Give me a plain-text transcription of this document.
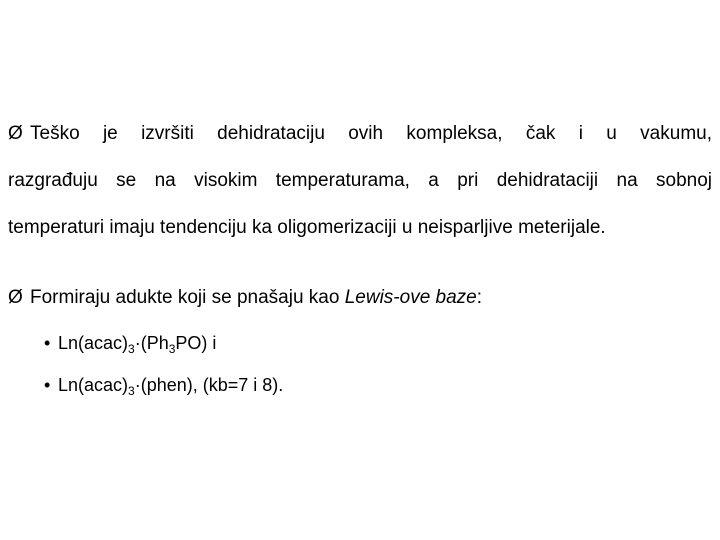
Ø Teško je izvršiti dehidrataciju ovih kompleksa, čak i u vakumu,
razgrađuju se na visokim temperaturama, a pri dehidrataciji na sobnoj
temperaturi imaju tendenciju ka oligomerizaciji u neisparljive meterijale.
Ø Formiraju adukte koji se pnašaju kao Lewis-ove baze:
• $Ln(acac)_3\cdot(Ph_3PO)$ i
• $Ln(acac)_3\cdot(phen)$, (kb=7 i 8).
